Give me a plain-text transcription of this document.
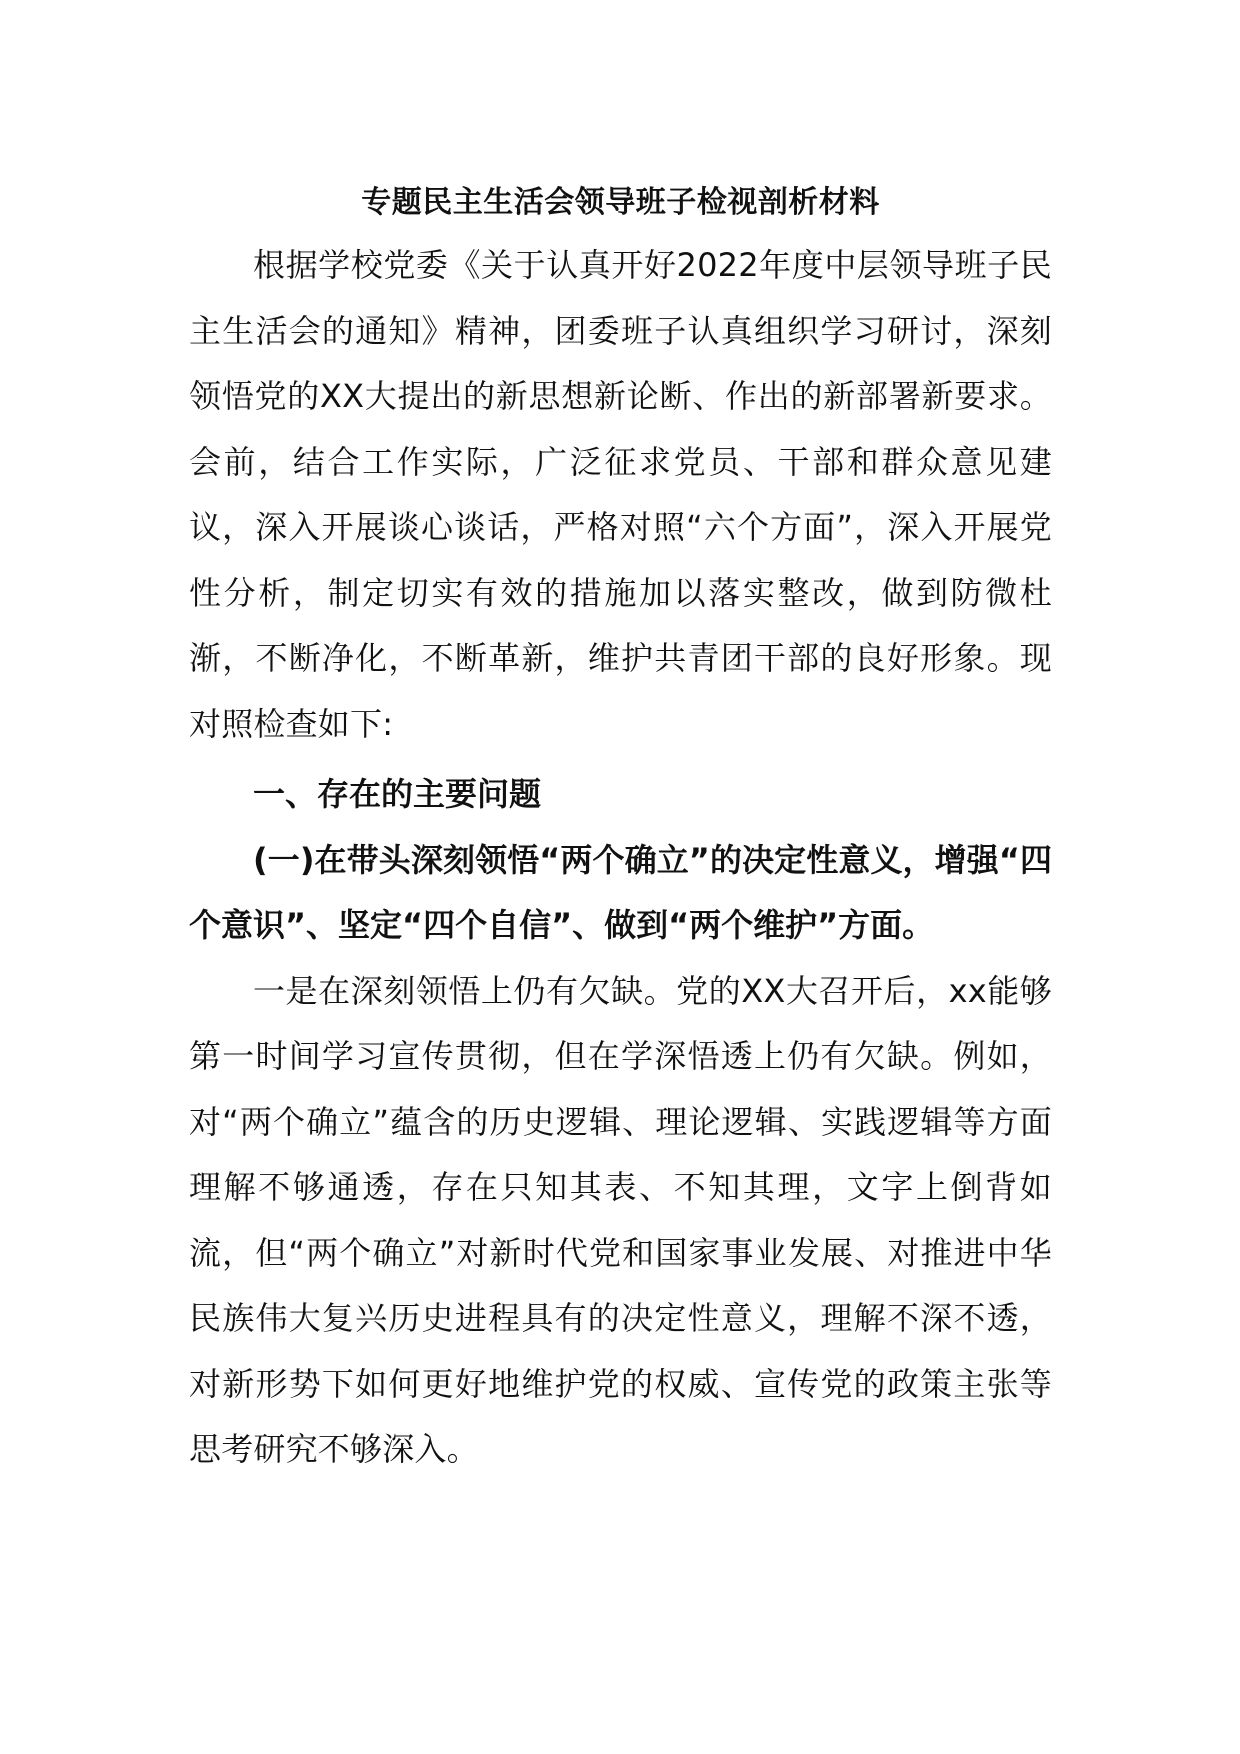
专题民主生活会领导班子检视剖析材料

根据学校党委《关于认真开好2022年度中层领导班子民主生活会的通知》精神，团委班子认真组织学习研讨，深刻领悟党的XX大提出的新思想新论断、作出的新部署新要求。会前，结合工作实际，广泛征求党员、干部和群众意见建议，深入开展谈心谈话，严格对照“六个方面”，深入开展党性分析，制定切实有效的措施加以落实整改，做到防微杜渐，不断净化，不断革新，维护共青团干部的良好形象。现对照检查如下:

一、存在的主要问题

(一)在带头深刻领悟“两个确立”的决定性意义，增强“四个意识”、坚定“四个自信”、做到“两个维护”方面。

一是在深刻领悟上仍有欠缺。党的XX大召开后，xx能够第一时间学习宣传贯彻，但在学深悟透上仍有欠缺。例如，对“两个确立”蕴含的历史逻辑、理论逻辑、实践逻辑等方面理解不够通透，存在只知其表、不知其理，文字上倒背如流，但“两个确立”对新时代党和国家事业发展、对推进中华民族伟大复兴历史进程具有的决定性意义，理解不深不透，对新形势下如何更好地维护党的权威、宣传党的政策主张等思考研究不够深入。
